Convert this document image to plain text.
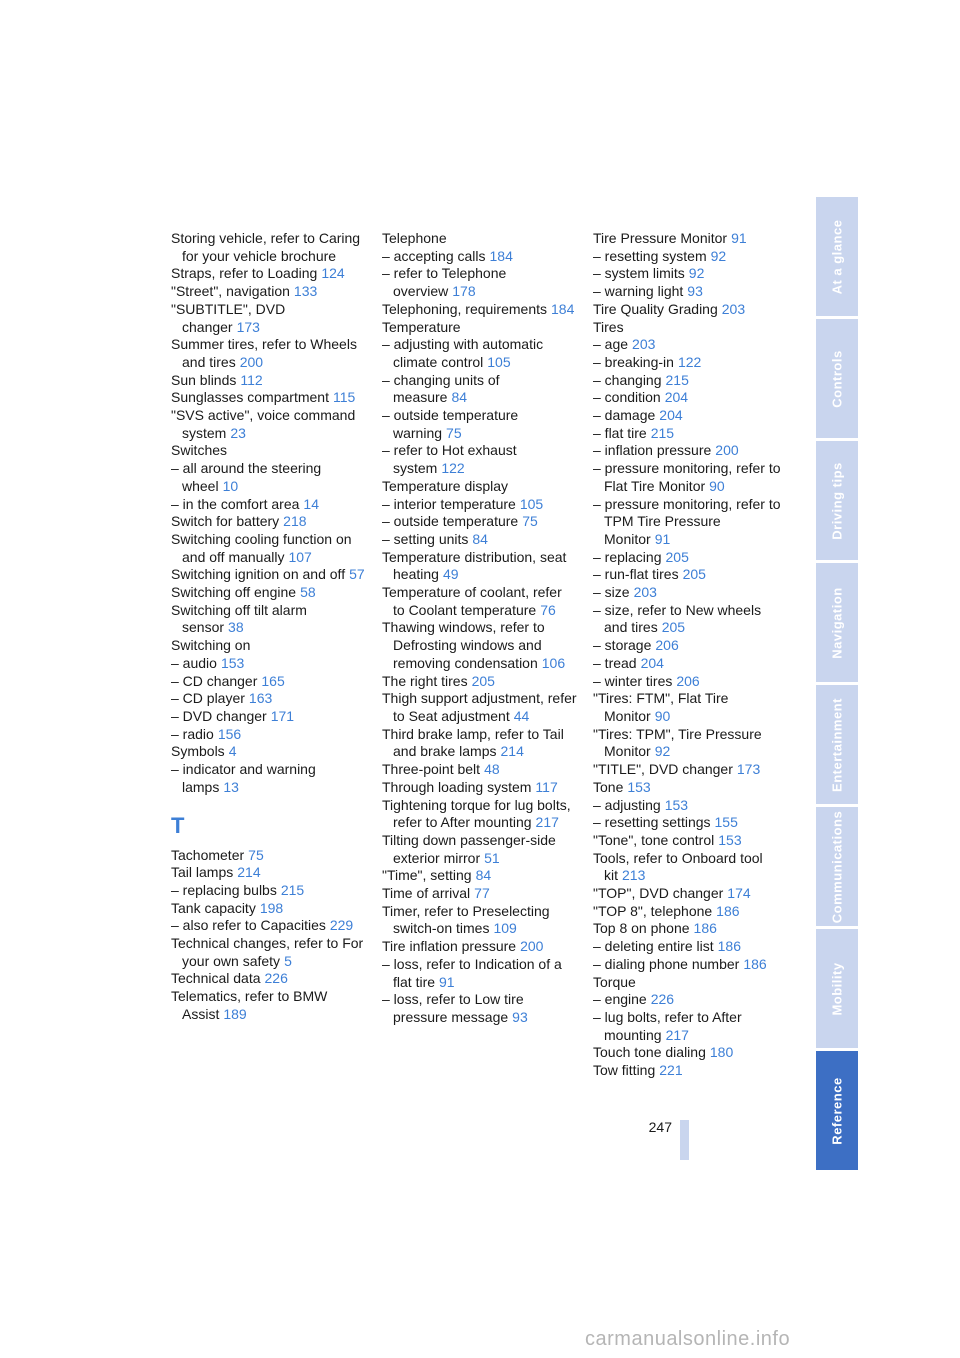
Storing vehicle, refer to Caring for your vehicle brochure
Straps, refer to Loading 124
"Street", navigation 133
"SUBTITLE", DVD changer 173
Summer tires, refer to Wheels and tires 200
Sun blinds 112
Sunglasses compartment 115
"SVS active", voice command system 23
Switches
– all around the steering wheel 10
– in the comfort area 14
Switch for battery 218
Switching cooling function on and off manually 107
Switching ignition on and off 57
Switching off engine 58
Switching off tilt alarm sensor 38
Switching on
– audio 153
– CD changer 165
– CD player 163
– DVD changer 171
– radio 156
Symbols 4
– indicator and warning lamps 13
T
Tachometer 75
Tail lamps 214
– replacing bulbs 215
Tank capacity 198
– also refer to Capacities 229
Technical changes, refer to For your own safety 5
Technical data 226
Telematics, refer to BMW Assist 189
Telephone
– accepting calls 184
– refer to Telephone overview 178
Telephoning, requirements 184
Temperature
– adjusting with automatic climate control 105
– changing units of measure 84
– outside temperature warning 75
– refer to Hot exhaust system 122
Temperature display
– interior temperature 105
– outside temperature 75
– setting units 84
Temperature distribution, seat heating 49
Temperature of coolant, refer to Coolant temperature 76
Thawing windows, refer to Defrosting windows and removing condensation 106
The right tires 205
Thigh support adjustment, refer to Seat adjustment 44
Third brake lamp, refer to Tail and brake lamps 214
Three-point belt 48
Through loading system 117
Tightening torque for lug bolts, refer to After mounting 217
Tilting down passenger-side exterior mirror 51
"Time", setting 84
Time of arrival 77
Timer, refer to Preselecting switch-on times 109
Tire inflation pressure 200
– loss, refer to Indication of a flat tire 91
– loss, refer to Low tire pressure message 93
Tire Pressure Monitor 91
– resetting system 92
– system limits 92
– warning light 93
Tire Quality Grading 203
Tires
– age 203
– breaking-in 122
– changing 215
– condition 204
– damage 204
– flat tire 215
– inflation pressure 200
– pressure monitoring, refer to Flat Tire Monitor 90
– pressure monitoring, refer to TPM Tire Pressure Monitor 91
– replacing 205
– run-flat tires 205
– size 203
– size, refer to New wheels and tires 205
– storage 206
– tread 204
– winter tires 206
"Tires: FTM", Flat Tire Monitor 90
"Tires: TPM", Tire Pressure Monitor 92
"TITLE", DVD changer 173
Tone 153
– adjusting 153
– resetting settings 155
"Tone", tone control 153
Tools, refer to Onboard tool kit 213
"TOP", DVD changer 174
"TOP 8", telephone 186
Top 8 on phone 186
– deleting entire list 186
– dialing phone number 186
Torque
– engine 226
– lug bolts, refer to After mounting 217
Touch tone dialing 180
Tow fitting 221
At a glance
Controls
Driving tips
Navigation
Entertainment
Communications
Mobility
Reference
247
carmanualsonline.info
